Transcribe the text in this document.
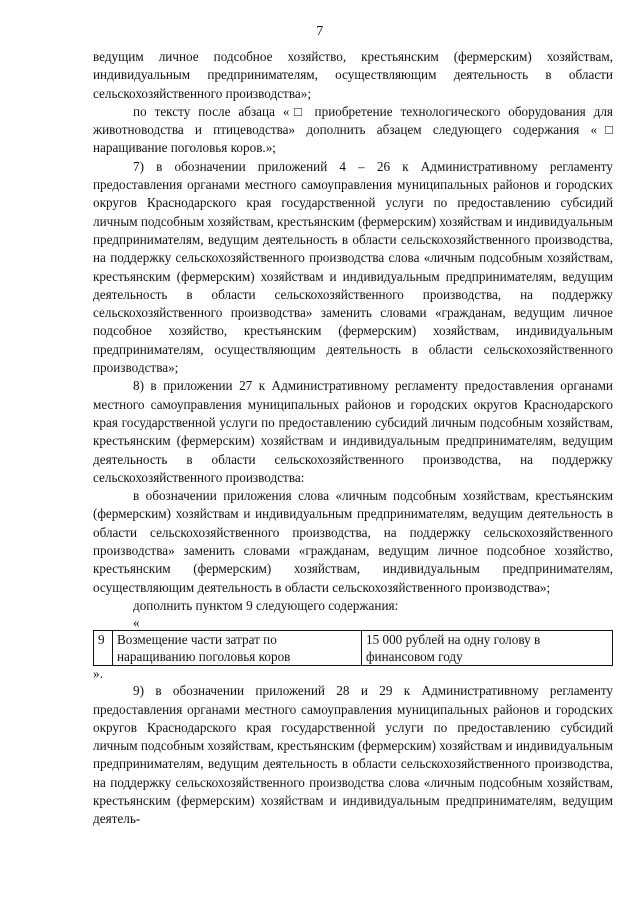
7

ведущим личное подсобное хозяйство, крестьянским (фермерским) хозяйствам, индивидуальным предпринимателям, осуществляющим деятельность в области сельскохозяйственного производства»;

по тексту после абзаца «□ приобретение технологического оборудования для животноводства и птицеводства» дополнить абзацем следующего содержания «□ наращивание поголовья коров.»;

7) в обозначении приложений 4 – 26 к Административному регламенту предоставления органами местного самоуправления муниципальных районов и городских округов Краснодарского края государственной услуги по предоставлению субсидий личным подсобным хозяйствам, крестьянским (фермерским) хозяйствам и индивидуальным предпринимателям, ведущим деятельность в области сельскохозяйственного производства, на поддержку сельскохозяйственного производства слова «личным подсобным хозяйствам, крестьянским (фермерским) хозяйствам и индивидуальным предпринимателям, ведущим деятельность в области сельскохозяйственного производства, на поддержку сельскохозяйственного производства» заменить словами «гражданам, ведущим личное подсобное хозяйство, крестьянским (фермерским) хозяйствам, индивидуальным предпринимателям, осуществляющим деятельность в области сельскохозяйственного производства»;

8) в приложении 27 к Административному регламенту предоставления органами местного самоуправления муниципальных районов и городских округов Краснодарского края государственной услуги по предоставлению субсидий личным подсобным хозяйствам, крестьянским (фермерским) хозяйствам и индивидуальным предпринимателям, ведущим деятельность в области сельскохозяйственного производства, на поддержку сельскохозяйственного производства:

в обозначении приложения слова «личным подсобным хозяйствам, крестьянским (фермерским) хозяйствам и индивидуальным предпринимателям, ведущим деятельность в области сельскохозяйственного производства, на поддержку сельскохозяйственного производства» заменить словами «гражданам, ведущим личное подсобное хозяйство, крестьянским (фермерским) хозяйствам, индивидуальным предпринимателям, осуществляющим деятельность в области сельскохозяйственного производства»;

дополнить пунктом 9 следующего содержания:

«

9	Возмещение части затрат по наращиванию поголовья коров	15 000 рублей на одну голову в финансовом году

».

9) в обозначении приложений 28 и 29 к Административному регламенту предоставления органами местного самоуправления муниципальных районов и городских округов Краснодарского края государственной услуги по предоставлению субсидий личным подсобным хозяйствам, крестьянским (фермерским) хозяйствам и индивидуальным предпринимателям, ведущим деятельность в области сельскохозяйственного производства, на поддержку сельскохозяйственного производства слова «личным подсобным хозяйствам, крестьянским (фермерским) хозяйствам и индивидуальным предпринимателям, ведущим деятель-
